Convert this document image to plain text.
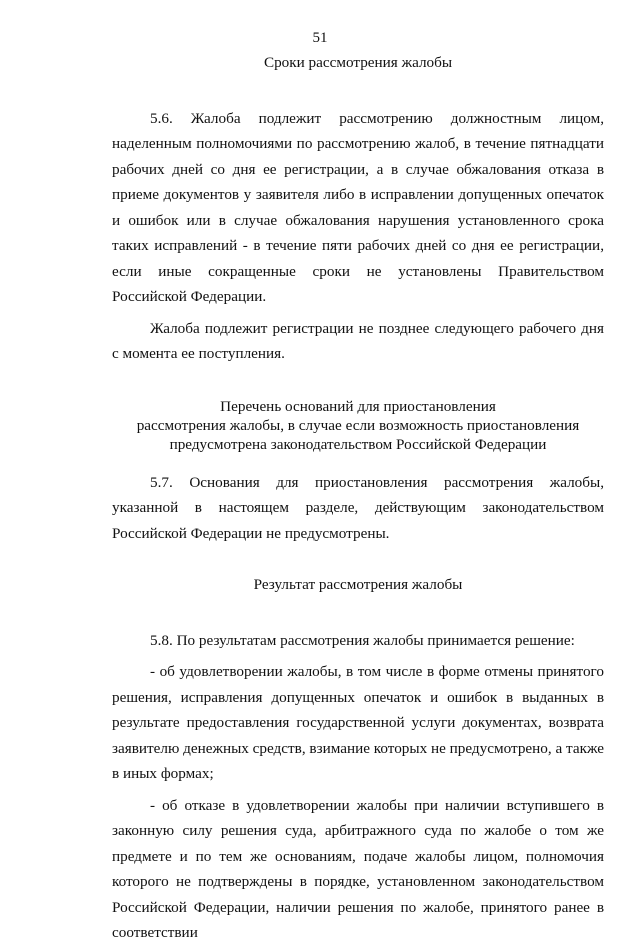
51
Сроки рассмотрения жалобы

5.6. Жалоба подлежит рассмотрению должностным лицом, наделенным полномочиями по рассмотрению жалоб, в течение пятнадцати рабочих дней со дня ее регистрации, а в случае обжалования отказа в приеме документов у заявителя либо в исправлении допущенных опечаток и ошибок или в случае обжалования нарушения установленного срока таких исправлений - в течение пяти рабочих дней со дня ее регистрации, если иные сокращенные сроки не установлены Правительством Российской Федерации.

Жалоба подлежит регистрации не позднее следующего рабочего дня с момента ее поступления.

Перечень оснований для приостановления
рассмотрения жалобы, в случае если возможность приостановления
предусмотрена законодательством Российской Федерации

5.7. Основания для приостановления рассмотрения жалобы, указанной в настоящем разделе, действующим законодательством Российской Федерации не предусмотрены.

Результат рассмотрения жалобы

5.8. По результатам рассмотрения жалобы принимается решение:

- об удовлетворении жалобы, в том числе в форме отмены принятого решения, исправления допущенных опечаток и ошибок в выданных в результате предоставления государственной услуги документах, возврата заявителю денежных средств, взимание которых не предусмотрено, а также в иных формах;

- об отказе в удовлетворении жалобы при наличии вступившего в законную силу решения суда, арбитражного суда по жалобе о том же предмете и по тем же основаниям, подаче жалобы лицом, полномочия которого не подтверждены в порядке, установленном законодательством Российской Федерации, наличии решения по жалобе, принятого ранее в соответствии
